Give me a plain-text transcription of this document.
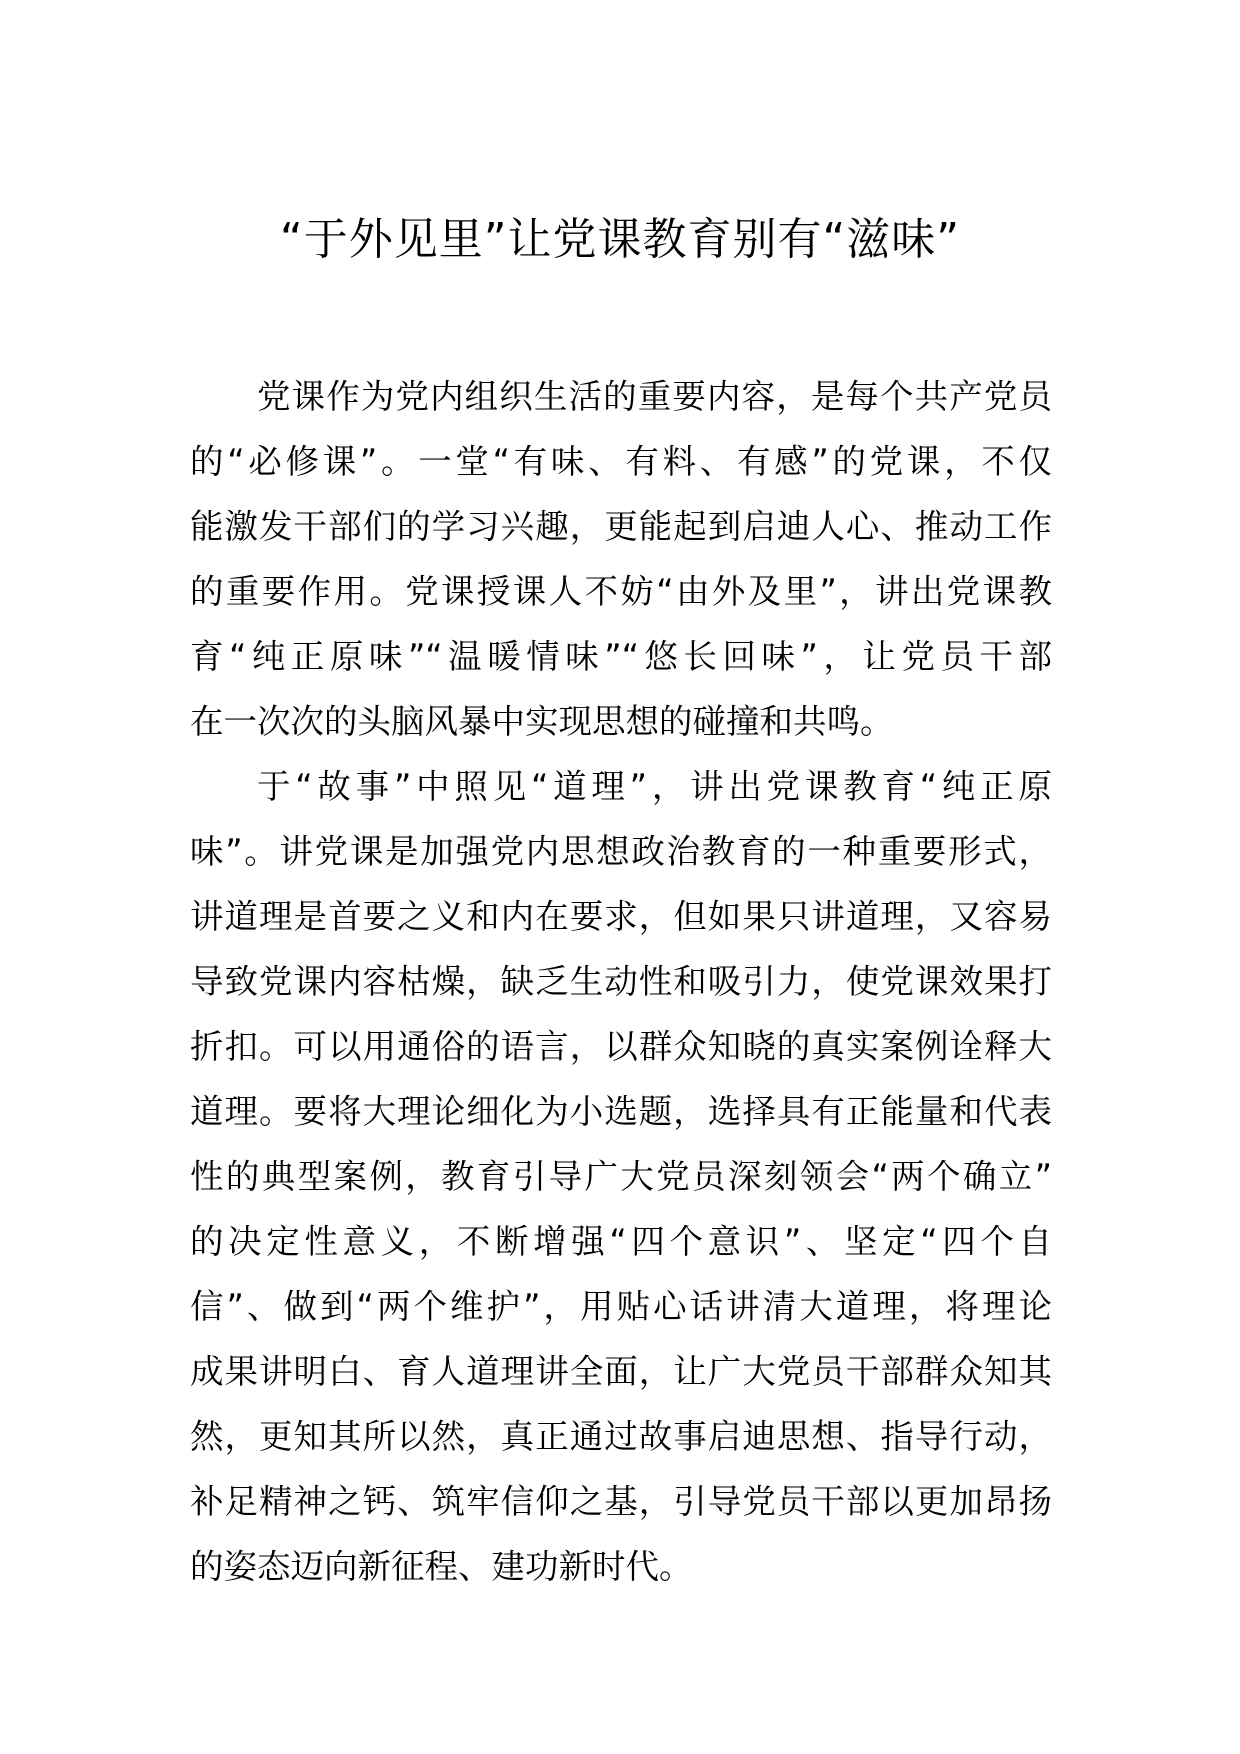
“于外见里”让党课教育别有“滋味”
党课作为党内组织生活的重要内容，是每个共产党员
的“必修课”。一堂“有味、有料、有感”的党课，不仅
能激发干部们的学习兴趣，更能起到启迪人心、推动工作
的重要作用。党课授课人不妨“由外及里”，讲出党课教
育“纯正原味”“温暖情味”“悠长回味”，让党员干部
在一次次的头脑风暴中实现思想的碰撞和共鸣。
于“故事”中照见“道理”，讲出党课教育“纯正原
味”。讲党课是加强党内思想政治教育的一种重要形式，
讲道理是首要之义和内在要求，但如果只讲道理，又容易
导致党课内容枯燥，缺乏生动性和吸引力，使党课效果打
折扣。可以用通俗的语言，以群众知晓的真实案例诠释大
道理。要将大理论细化为小选题，选择具有正能量和代表
性的典型案例，教育引导广大党员深刻领会“两个确立”
的决定性意义，不断增强“四个意识”、坚定“四个自
信”、做到“两个维护”，用贴心话讲清大道理，将理论
成果讲明白、育人道理讲全面，让广大党员干部群众知其
然，更知其所以然，真正通过故事启迪思想、指导行动，
补足精神之钙、筑牢信仰之基，引导党员干部以更加昂扬
的姿态迈向新征程、建功新时代。
